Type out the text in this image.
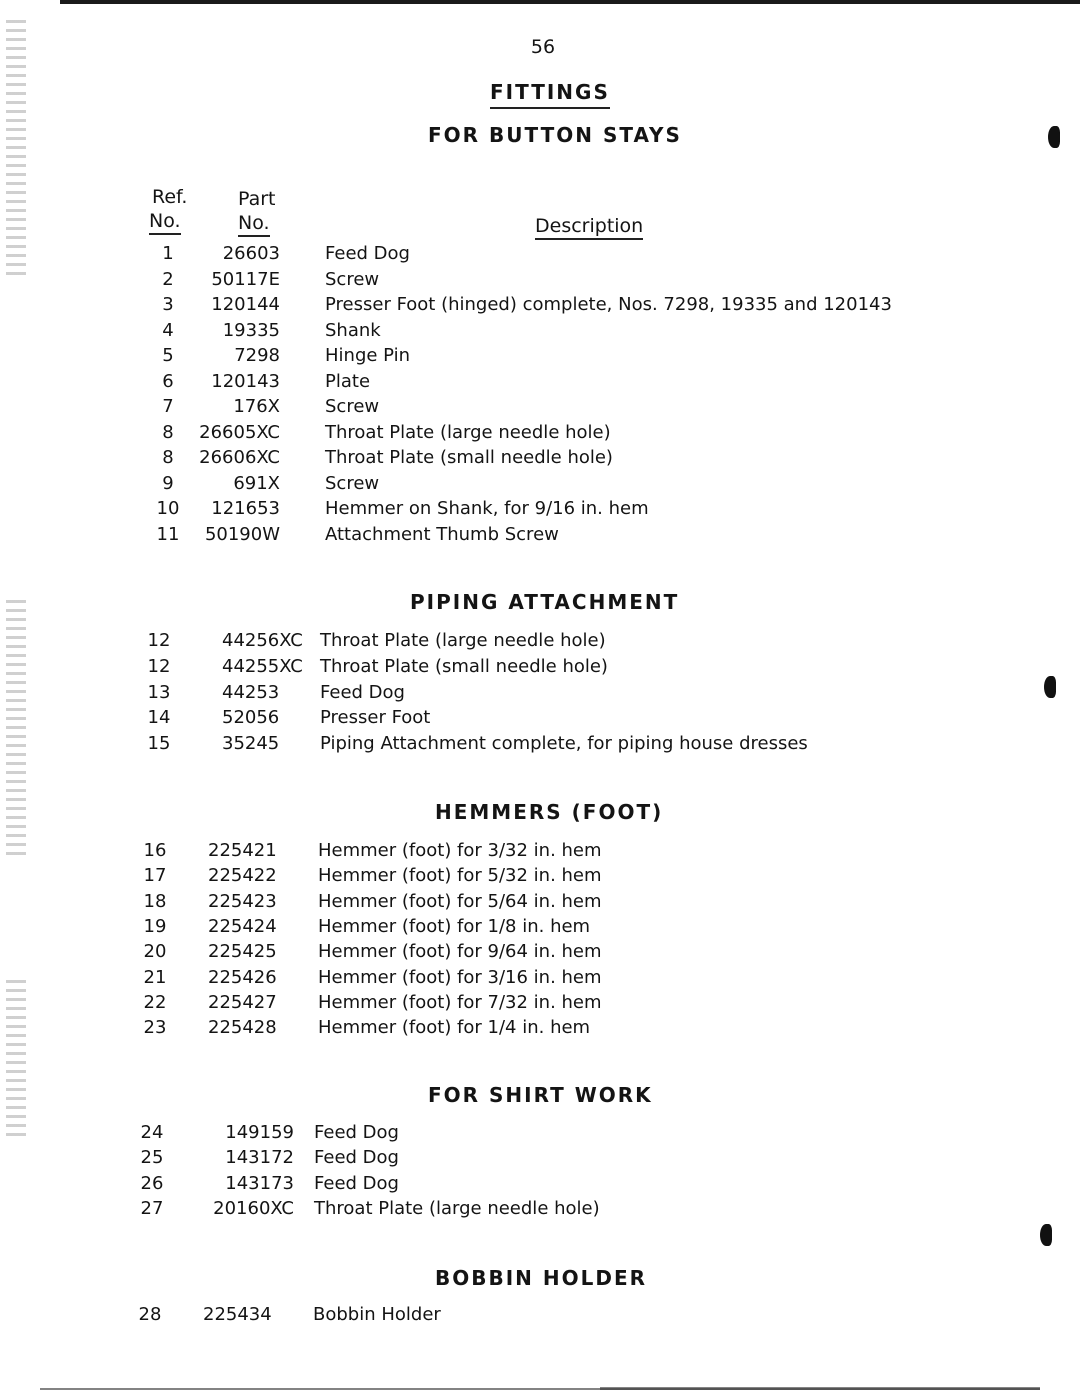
56
FITTINGS
FOR BUTTON STAYS
Ref.
No.
Part
No.	Description
PIPING ATTACHMENT
HEMMERS (FOOT)
FOR SHIRT WORK
BOBBIN HOLDER
1	26603	Feed Dog
2	50117E	Screw
3	120144	Presser Foot (hinged) complete, Nos. 7298, 19335 and 120143
4	19335	Shank
5	7298	Hinge Pin
6	120143	Plate
7	176X	Screw
8	26605XC	Throat Plate (large needle hole)
8	26606XC	Throat Plate (small needle hole)
9	691X	Screw
10	121653	Hemmer on Shank, for 9/16 in. hem
11	50190W	Attachment Thumb Screw
12	44256XC Throat Plate (large needle hole)
12	44255XC Throat Plate (small needle hole)
13	44253 Feed Dog
14	52056 Presser Foot
15	35245 Piping Attachment complete, for piping house dresses
16	225421 Hemmer (foot) for 3/32 in. hem
17	225422 Hemmer (foot) for 5/32 in. hem
18	225423 Hemmer (foot) for 5/64 in. hem
19	225424 Hemmer (foot) for 1/8 in. hem
20	225425 Hemmer (foot) for 9/64 in. hem
21	225426 Hemmer (foot) for 3/16 in. hem
22	225427 Hemmer (foot) for 7/32 in. hem
23	225428 Hemmer (foot) for 1/4 in. hem
24	149159 Feed Dog
25	143172 Feed Dog
26	143173 Feed Dog
27	20160XC Throat Plate (large needle hole)
28	225434 Bobbin Holder
